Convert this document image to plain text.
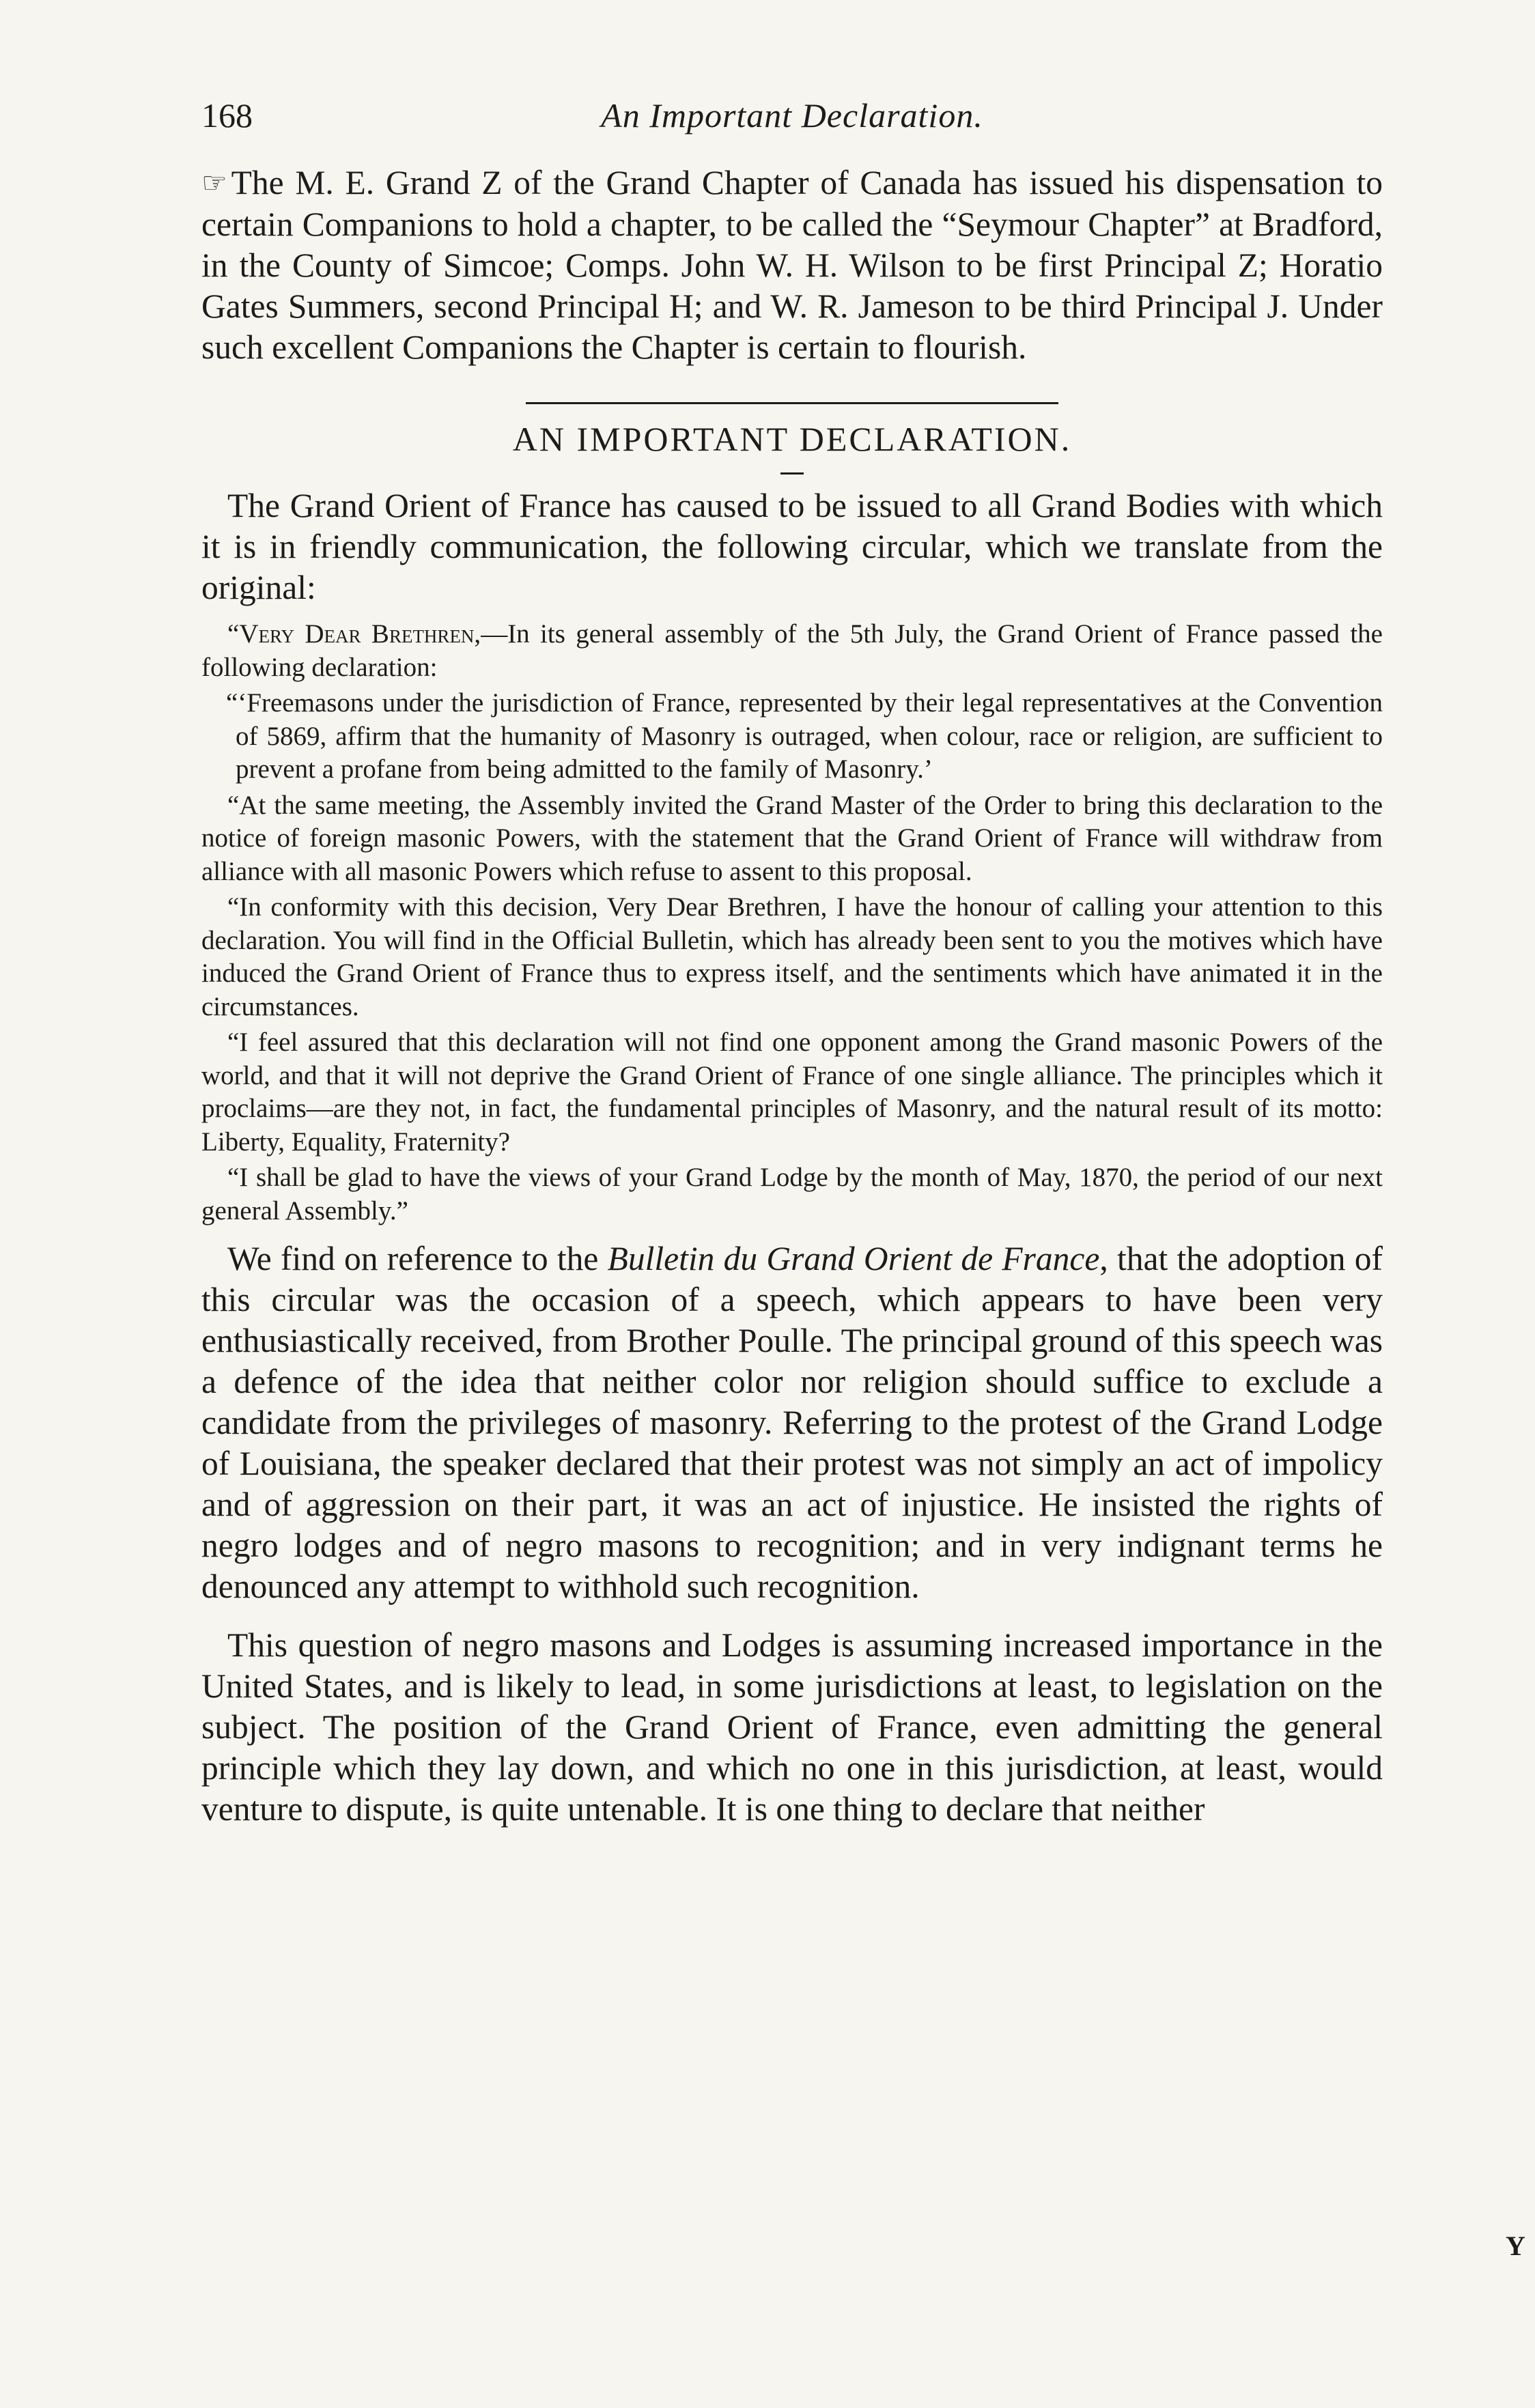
168	An Important Declaration.

☞ The M. E. Grand Z of the Grand Chapter of Canada has issued his dispensation to certain Companions to hold a chapter, to be called the “Seymour Chapter” at Bradford, in the County of Simcoe; Comps. John W. H. Wilson to be first Principal Z; Horatio Gates Summers, second Principal H; and W. R. Jameson to be third Principal J. Under such excellent Companions the Chapter is certain to flourish.

AN IMPORTANT DECLARATION.

The Grand Orient of France has caused to be issued to all Grand Bodies with which it is in friendly communication, the following circular, which we translate from the original:

“Very Dear Brethren,—In its general assembly of the 5th July, the Grand Orient of France passed the following declaration:

“‘Freemasons under the jurisdiction of France, represented by their legal representatives at the Convention of 5869, affirm that the humanity of Masonry is outraged, when colour, race or religion, are sufficient to prevent a profane from being admitted to the family of Masonry.’

“At the same meeting, the Assembly invited the Grand Master of the Order to bring this declaration to the notice of foreign masonic Powers, with the statement that the Grand Orient of France will withdraw from alliance with all masonic Powers which refuse to assent to this proposal.

“In conformity with this decision, Very Dear Brethren, I have the honour of calling your attention to this declaration. You will find in the Official Bulletin, which has already been sent to you the motives which have induced the Grand Orient of France thus to express itself, and the sentiments which have animated it in the circumstances.

“I feel assured that this declaration will not find one opponent among the Grand masonic Powers of the world, and that it will not deprive the Grand Orient of France of one single alliance. The principles which it proclaims—are they not, in fact, the fundamental principles of Masonry, and the natural result of its motto: Liberty, Equality, Fraternity?

“I shall be glad to have the views of your Grand Lodge by the month of May, 1870, the period of our next general Assembly.”

We find on reference to the Bulletin du Grand Orient de France, that the adoption of this circular was the occasion of a speech, which appears to have been very enthusiastically received, from Brother Poulle. The principal ground of this speech was a defence of the idea that neither color nor religion should suffice to exclude a candidate from the privileges of masonry. Referring to the protest of the Grand Lodge of Louisiana, the speaker declared that their protest was not simply an act of impolicy and of aggression on their part, it was an act of injustice. He insisted the rights of negro lodges and of negro masons to recognition; and in very indignant terms he denounced any attempt to withhold such recognition.

This question of negro masons and Lodges is assuming increased importance in the United States, and is likely to lead, in some jurisdictions at least, to legislation on the subject. The position of the Grand Orient of France, even admitting the general principle which they lay down, and which no one in this jurisdiction, at least, would venture to dispute, is quite untenable. It is one thing to declare that neither

Y
